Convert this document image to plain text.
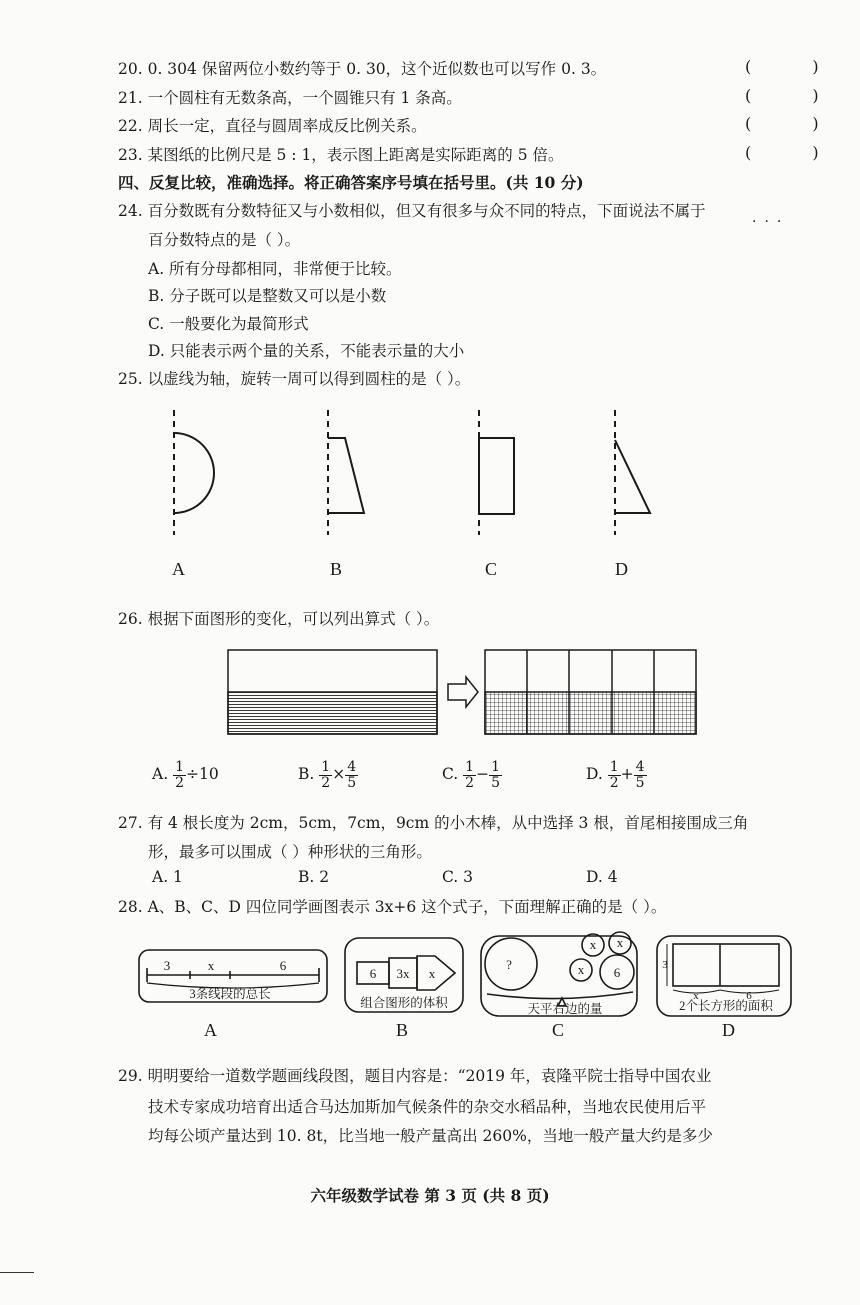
20. 0. 304 保留两位小数约等于 0. 30，这个近似数也可以写作 0. 3。	( )
21. 一个圆柱有无数条高，一个圆锥只有 1 条高。	( )
22. 周长一定，直径与圆周率成反比例关系。	( )
23. 某图纸的比例尺是 5 : 1，表示图上距离是实际距离的 5 倍。	( )
四、反复比较，准确选择。将正确答案序号填在括号里。(共 10 分)
24. 百分数既有分数特征又与小数相似，但又有很多与众不同的特点，下面说法不属于
···
百分数特点的是（ ）。
A. 所有分母都相同，非常便于比较。
B. 分子既可以是整数又可以是小数
C. 一般要化为最简形式
D. 只能表示两个量的关系，不能表示量的大小
25. 以虚线为轴，旋转一周可以得到圆柱的是（ ）。
A	B	C	D
26. 根据下面图形的变化，可以列出算式（ ）。
A. $\frac{1}{2} \div 10$	B. $\frac{1}{2} \times \frac{4}{5}$	C. $\frac{1}{2} - \frac{1}{5}$	D. $\frac{1}{2} + \frac{4}{5}$
27. 有 4 根长度为 2cm，5cm，7cm，9cm 的小木棒，从中选择 3 根，首尾相接围成三角
形，最多可以围成（ ）种形状的三角形。
A. 1	B. 2	C. 3	D. 4
28. A、B、C、D 四位同学画图表示 3x+6 这个式子，下面理解正确的是（ ）。
3	x	6
3条线段的总长
6 3x x
组合图形的体积
?
x x
x 6
天平右边的量
3
x	6
2个长方形的面积
A	B	C	D
29. 明明要给一道数学题画线段图，题目内容是：“2019 年，袁隆平院士指导中国农业
技术专家成功培育出适合马达加斯加气候条件的杂交水稻品种，当地农民使用后平
均每公顷产量达到 10. 8t，比当地一般产量高出 260%，当地一般产量大约是多少
六年级数学试卷 第 3 页 (共 8 页)
